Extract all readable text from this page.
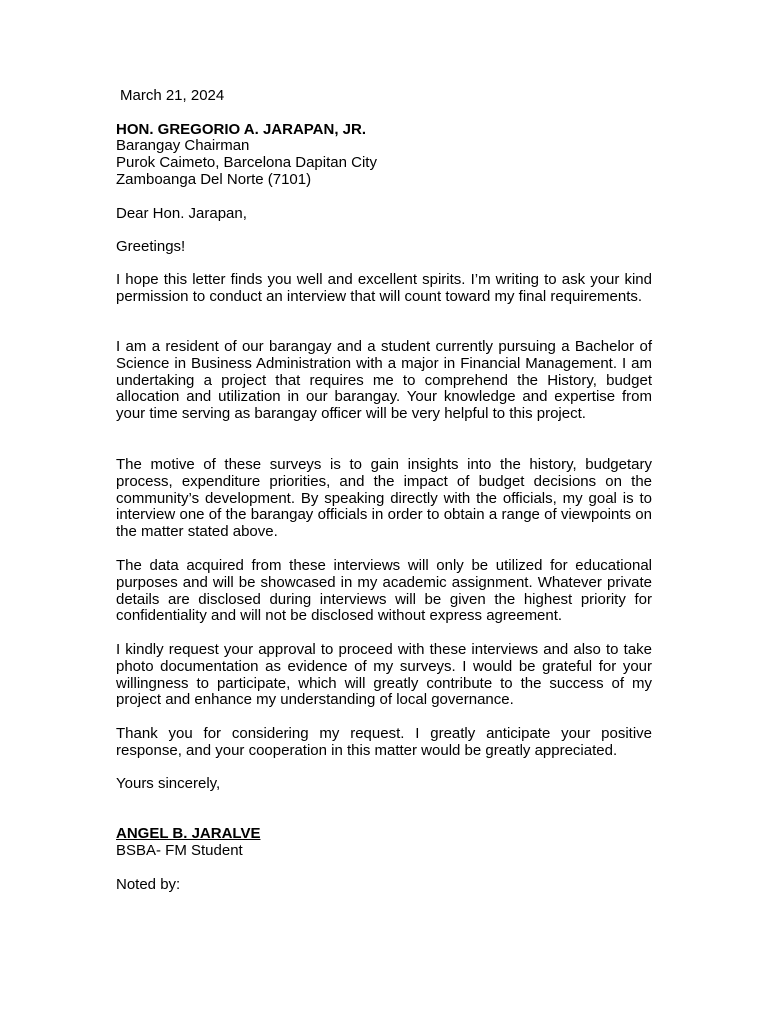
March 21, 2024
HON. GREGORIO A. JARAPAN, JR.
Barangay Chairman
Purok Caimeto, Barcelona Dapitan City
Zamboanga Del Norte (7101)
Dear Hon. Jarapan,
Greetings!

I hope this letter finds you well and excellent spirits. I’m writing to ask your kind permission to conduct an interview that will count toward my final requirements.

I am a resident of our barangay and a student currently pursuing a Bachelor of Science in Business Administration with a major in Financial Management. I am undertaking a project that requires me to comprehend the History, budget allocation and utilization in our barangay. Your knowledge and expertise from your time serving as barangay officer will be very helpful to this project.

The motive of these surveys is to gain insights into the history, budgetary process, expenditure priorities, and the impact of budget decisions on the community’s development. By speaking directly with the officials, my goal is to interview one of the barangay officials in order to obtain a range of viewpoints on the matter stated above.

The data acquired from these interviews will only be utilized for educational purposes and will be showcased in my academic assignment. Whatever private details are disclosed during interviews will be given the highest priority for confidentiality and will not be disclosed without express agreement.

I kindly request your approval to proceed with these interviews and also to take photo documentation as evidence of my surveys. I would be grateful for your willingness to participate, which will greatly contribute to the success of my project and enhance my understanding of local governance.

Thank you for considering my request. I greatly anticipate your positive response, and your cooperation in this matter would be greatly appreciated.

Yours sincerely,
ANGEL B. JARALVE
BSBA- FM Student
Noted by:
